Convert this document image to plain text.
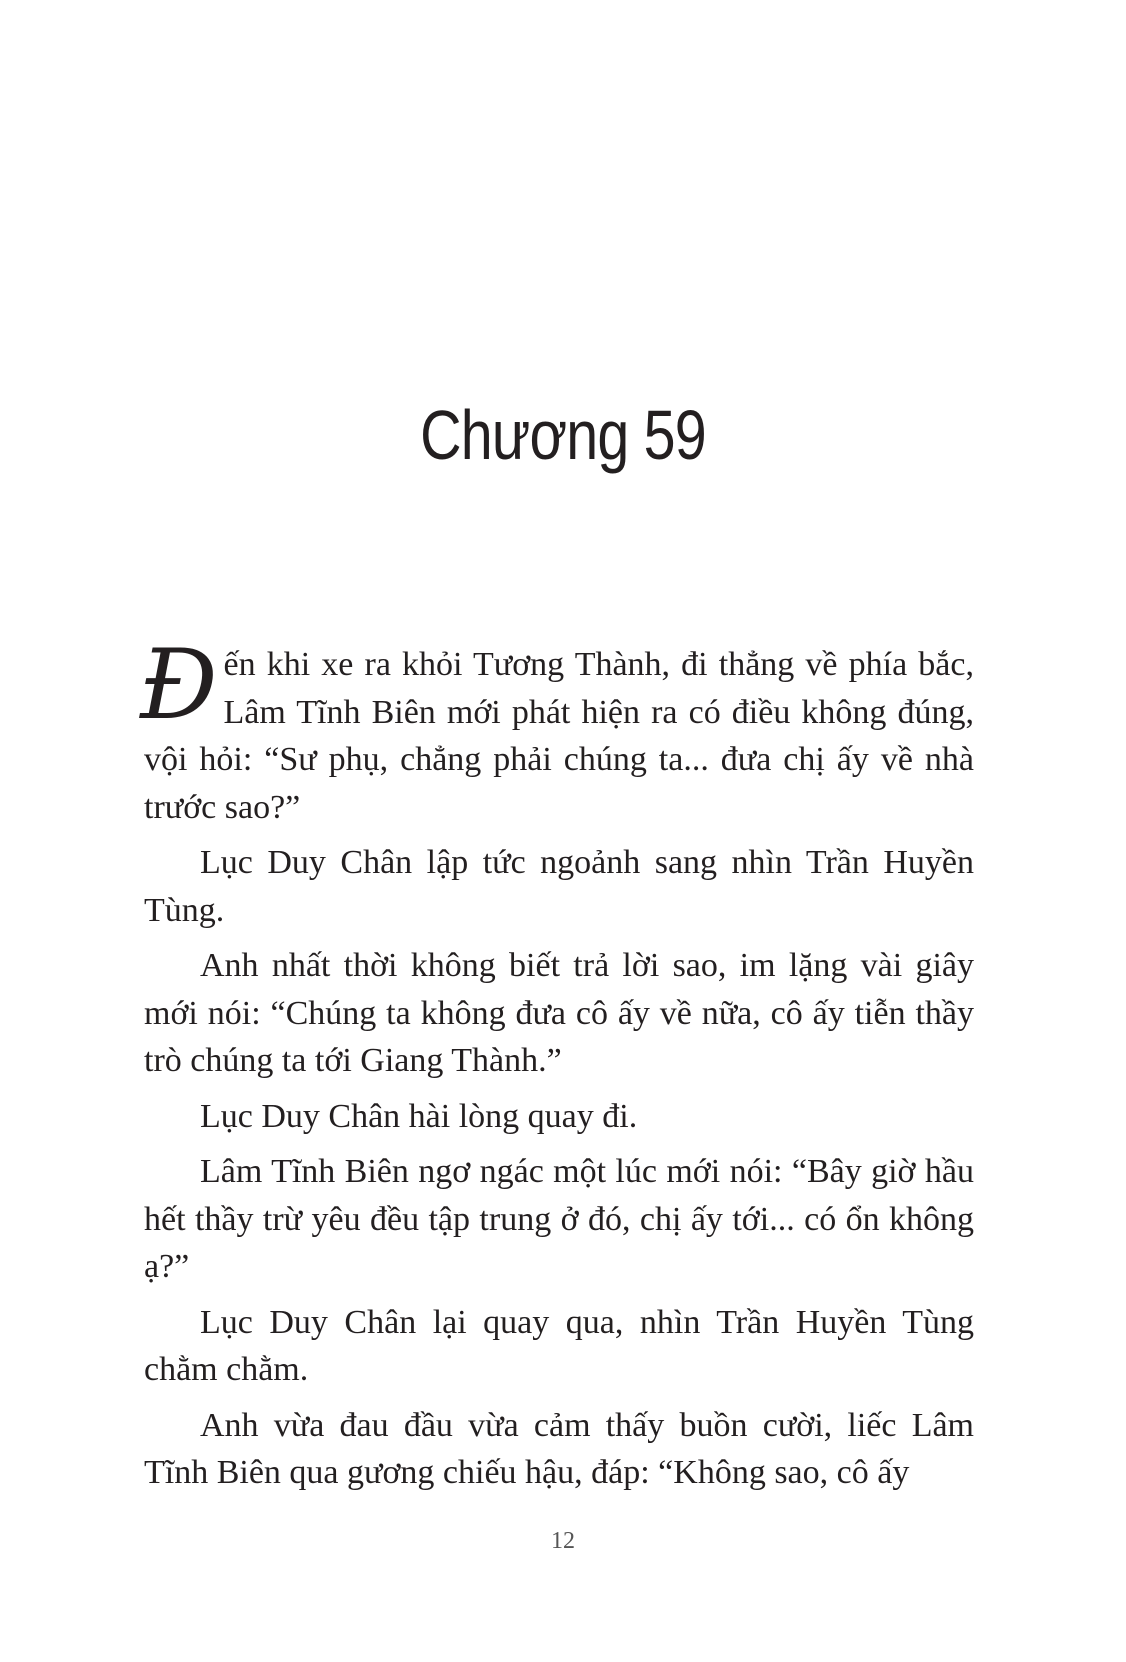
Chương 59

Đến khi xe ra khỏi Tương Thành, đi thẳng về phía bắc, Lâm Tĩnh Biên mới phát hiện ra có điều không đúng, vội hỏi: “Sư phụ, chẳng phải chúng ta... đưa chị ấy về nhà trước sao?”

Lục Duy Chân lập tức ngoảnh sang nhìn Trần Huyền Tùng.

Anh nhất thời không biết trả lời sao, im lặng vài giây mới nói: “Chúng ta không đưa cô ấy về nữa, cô ấy tiễn thầy trò chúng ta tới Giang Thành.”

Lục Duy Chân hài lòng quay đi.

Lâm Tĩnh Biên ngơ ngác một lúc mới nói: “Bây giờ hầu hết thầy trừ yêu đều tập trung ở đó, chị ấy tới... có ổn không ạ?”

Lục Duy Chân lại quay qua, nhìn Trần Huyền Tùng chằm chằm.

Anh vừa đau đầu vừa cảm thấy buồn cười, liếc Lâm Tĩnh Biên qua gương chiếu hậu, đáp: “Không sao, cô ấy

12
